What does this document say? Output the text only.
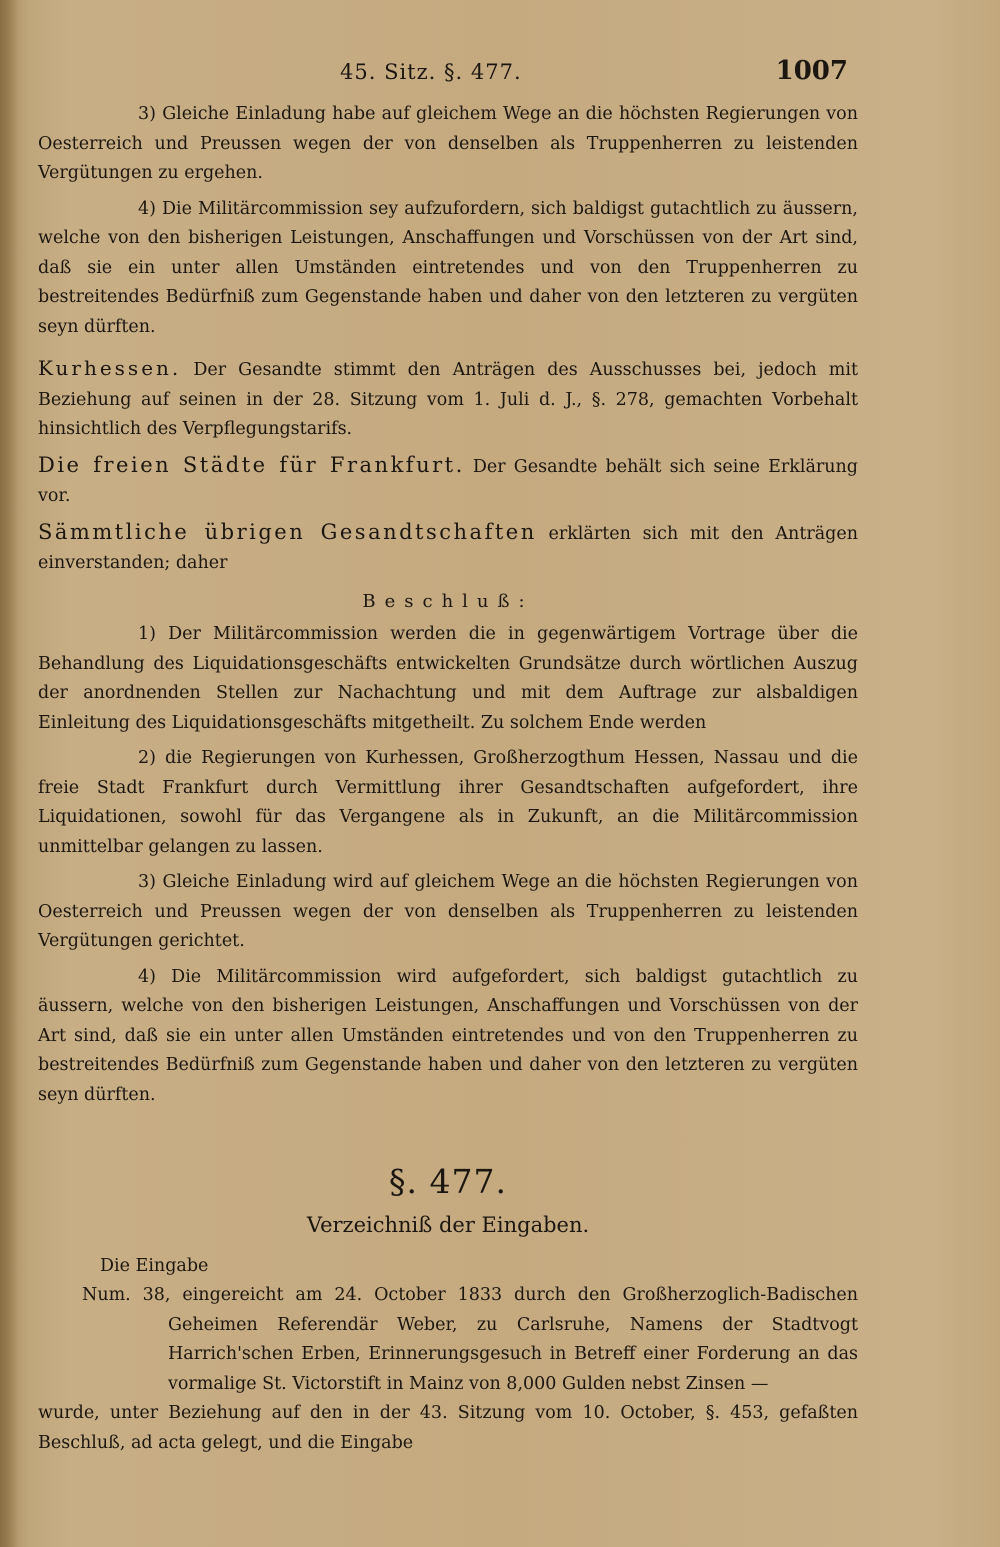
45. Sitz. §. 477.	1007

3) Gleiche Einladung habe auf gleichem Wege an die höchsten Regierungen von Oesterreich und Preussen wegen der von denselben als Truppenherren zu leistenden Vergütungen zu ergehen.

4) Die Militärcommission sey aufzufordern, sich baldigst gutachtlich zu äussern, welche von den bisherigen Leistungen, Anschaffungen und Vorschüssen von der Art sind, daß sie ein unter allen Umständen eintretendes und von den Truppenherren zu bestreitendes Bedürfniß zum Gegenstande haben und daher von den letzteren zu vergüten seyn dürften.

Kurhessen. Der Gesandte stimmt den Anträgen des Ausschusses bei, jedoch mit Beziehung auf seinen in der 28. Sitzung vom 1. Juli d. J., §. 278, gemachten Vorbehalt hinsichtlich des Verpflegungstarifs.

Die freien Städte für Frankfurt. Der Gesandte behält sich seine Erklärung vor.

Sämmtliche übrigen Gesandtschaften erklärten sich mit den Anträgen einverstanden; daher

Beschluß:

1) Der Militärcommission werden die in gegenwärtigem Vortrage über die Behandlung des Liquidationsgeschäfts entwickelten Grundsätze durch wörtlichen Auszug der anordnenden Stellen zur Nachachtung und mit dem Auftrage zur alsbaldigen Einleitung des Liquidationsgeschäfts mitgetheilt. Zu solchem Ende werden

2) die Regierungen von Kurhessen, Großherzogthum Hessen, Nassau und die freie Stadt Frankfurt durch Vermittlung ihrer Gesandtschaften aufgefordert, ihre Liquidationen, sowohl für das Vergangene als in Zukunft, an die Militärcommission unmittelbar gelangen zu lassen.

3) Gleiche Einladung wird auf gleichem Wege an die höchsten Regierungen von Oesterreich und Preussen wegen der von denselben als Truppenherren zu leistenden Vergütungen gerichtet.

4) Die Militärcommission wird aufgefordert, sich baldigst gutachtlich zu äussern, welche von den bisherigen Leistungen, Anschaffungen und Vorschüssen von der Art sind, daß sie ein unter allen Umständen eintretendes und von den Truppenherren zu bestreitendes Bedürfniß zum Gegenstande haben und daher von den letzteren zu vergüten seyn dürften.

§. 477.
Verzeichniß der Eingaben.
Die Eingabe

Num. 38, eingereicht am 24. October 1833 durch den Großherzoglich-Badischen Geheimen Referendär Weber, zu Carlsruhe, Namens der Stadtvogt Harrich'schen Erben, Erinnerungsgesuch in Betreff einer Forderung an das vormalige St. Victorstift in Mainz von 8,000 Gulden nebst Zinsen —

wurde, unter Beziehung auf den in der 43. Sitzung vom 10. October, §. 453, gefaßten Beschluß, ad acta gelegt, und die Eingabe
